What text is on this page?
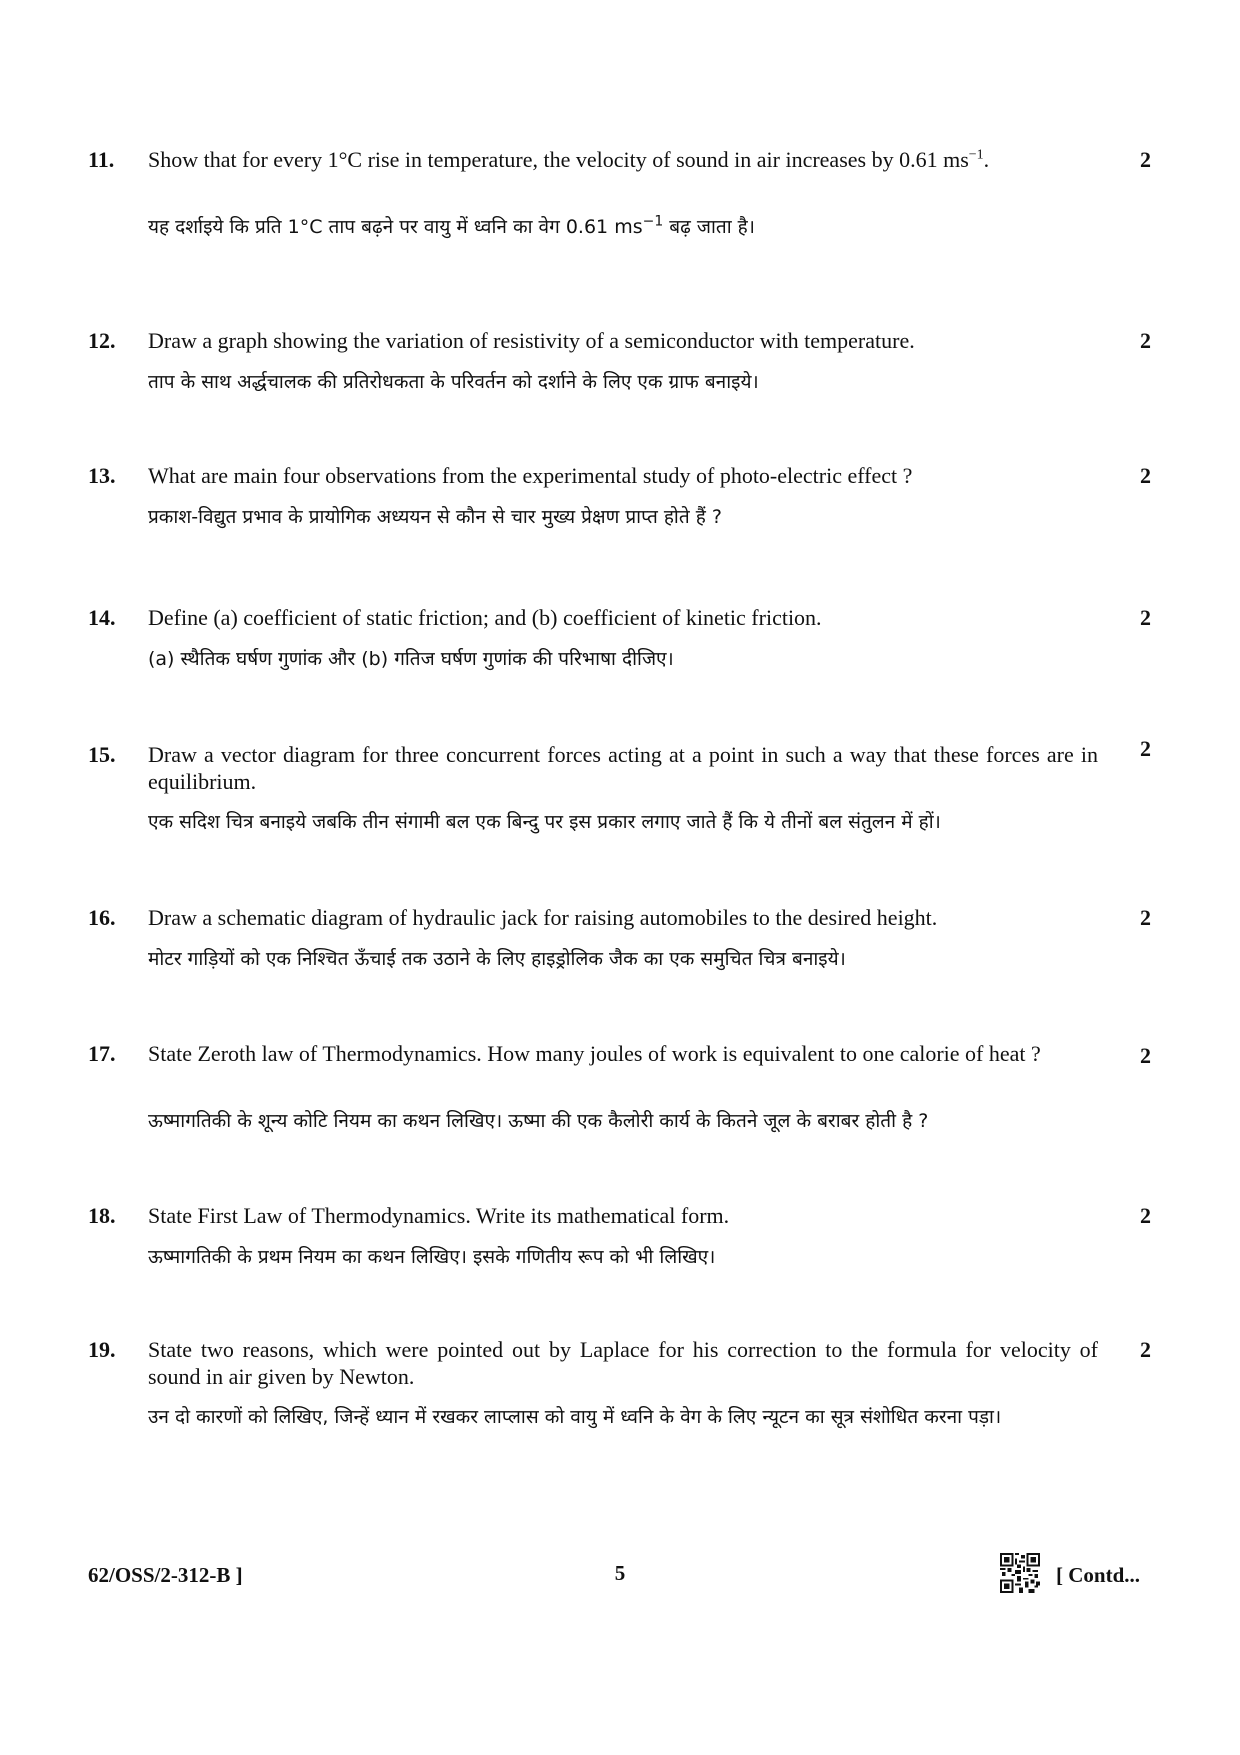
11. Show that for every 1°C rise in temperature, the velocity of sound in air increases by 0.61 $ms^{-1}$.

यह दर्शाइये कि प्रति 1°C ताप बढ़ने पर वायु में ध्वनि का वेग 0.61 $ms^{-1}$ बढ़ जाता है।

2
12. Draw a graph showing the variation of resistivity of a semiconductor with temperature.

ताप के साथ अर्द्धचालक की प्रतिरोधकता के परिवर्तन को दर्शाने के लिए एक ग्राफ बनाइये।

2
13. What are main four observations from the experimental study of photo-electric effect ?

प्रकाश-विद्युत प्रभाव के प्रायोगिक अध्ययन से कौन से चार मुख्य प्रेक्षण प्राप्त होते हैं ?

2
14. Define (a) coefficient of static friction; and (b) coefficient of kinetic friction.

(a) स्थैतिक घर्षण गुणांक और (b) गतिज घर्षण गुणांक की परिभाषा दीजिए।

2
15. Draw a vector diagram for three concurrent forces acting at a point in such a way that these forces are in equilibrium.

एक सदिश चित्र बनाइये जबकि तीन संगामी बल एक बिन्दु पर इस प्रकार लगाए जाते हैं कि ये तीनों बल संतुलन में हों।

2
16. Draw a schematic diagram of hydraulic jack for raising automobiles to the desired height.

मोटर गाड़ियों को एक निश्चित ऊँचाई तक उठाने के लिए हाइड्रोलिक जैक का एक समुचित चित्र बनाइये।

2
17. State Zeroth law of Thermodynamics. How many joules of work is equivalent to one calorie of heat ?

ऊष्मागतिकी के शून्य कोटि नियम का कथन लिखिए। ऊष्मा की एक कैलोरी कार्य के कितने जूल के बराबर होती है ?

2
18. State First Law of Thermodynamics. Write its mathematical form.

ऊष्मागतिकी के प्रथम नियम का कथन लिखिए। इसके गणितीय रूप को भी लिखिए।

2
19. State two reasons, which were pointed out by Laplace for his correction to the formula for velocity of sound in air given by Newton.

उन दो कारणों को लिखिए, जिन्हें ध्यान में रखकर लाप्लास को वायु में ध्वनि के वेग के लिए न्यूटन का सूत्र संशोधित करना पड़ा।

2
62/OSS/2-312-B ]	5	[ Contd...
